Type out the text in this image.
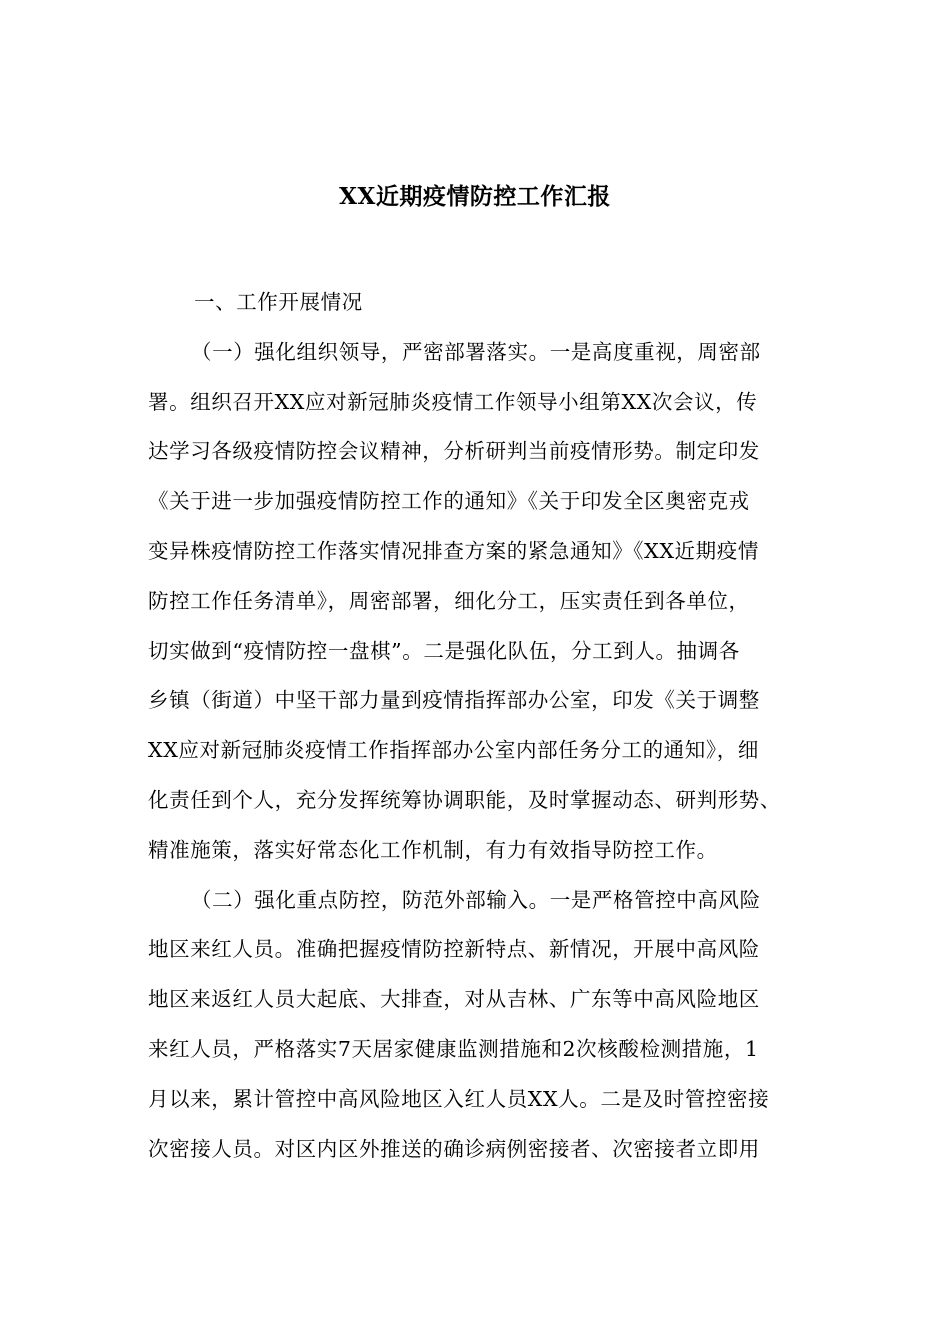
XX近期疫情防控工作汇报
一、工作开展情况
（一）强化组织领导，严密部署落实。一是高度重视，周密部
署。组织召开XX应对新冠肺炎疫情工作领导小组第XX次会议，传
达学习各级疫情防控会议精神，分析研判当前疫情形势。制定印发
《关于进一步加强疫情防控工作的通知》《关于印发全区奥密克戎
变异株疫情防控工作落实情况排查方案的紧急通知》《XX近期疫情
防控工作任务清单》，周密部署，细化分工，压实责任到各单位，
切实做到“疫情防控一盘棋”。二是强化队伍，分工到人。抽调各
乡镇（街道）中坚干部力量到疫情指挥部办公室，印发《关于调整
XX应对新冠肺炎疫情工作指挥部办公室内部任务分工的通知》，细
化责任到个人，充分发挥统筹协调职能，及时掌握动态、研判形势、
精准施策，落实好常态化工作机制，有力有效指导防控工作。
（二）强化重点防控，防范外部输入。一是严格管控中高风险
地区来红人员。准确把握疫情防控新特点、新情况，开展中高风险
地区来返红人员大起底、大排查，对从吉林、广东等中高风险地区
来红人员，严格落实7天居家健康监测措施和2次核酸检测措施，1
月以来，累计管控中高风险地区入红人员XX人。二是及时管控密接
次密接人员。对区内区外推送的确诊病例密接者、次密接者立即用
